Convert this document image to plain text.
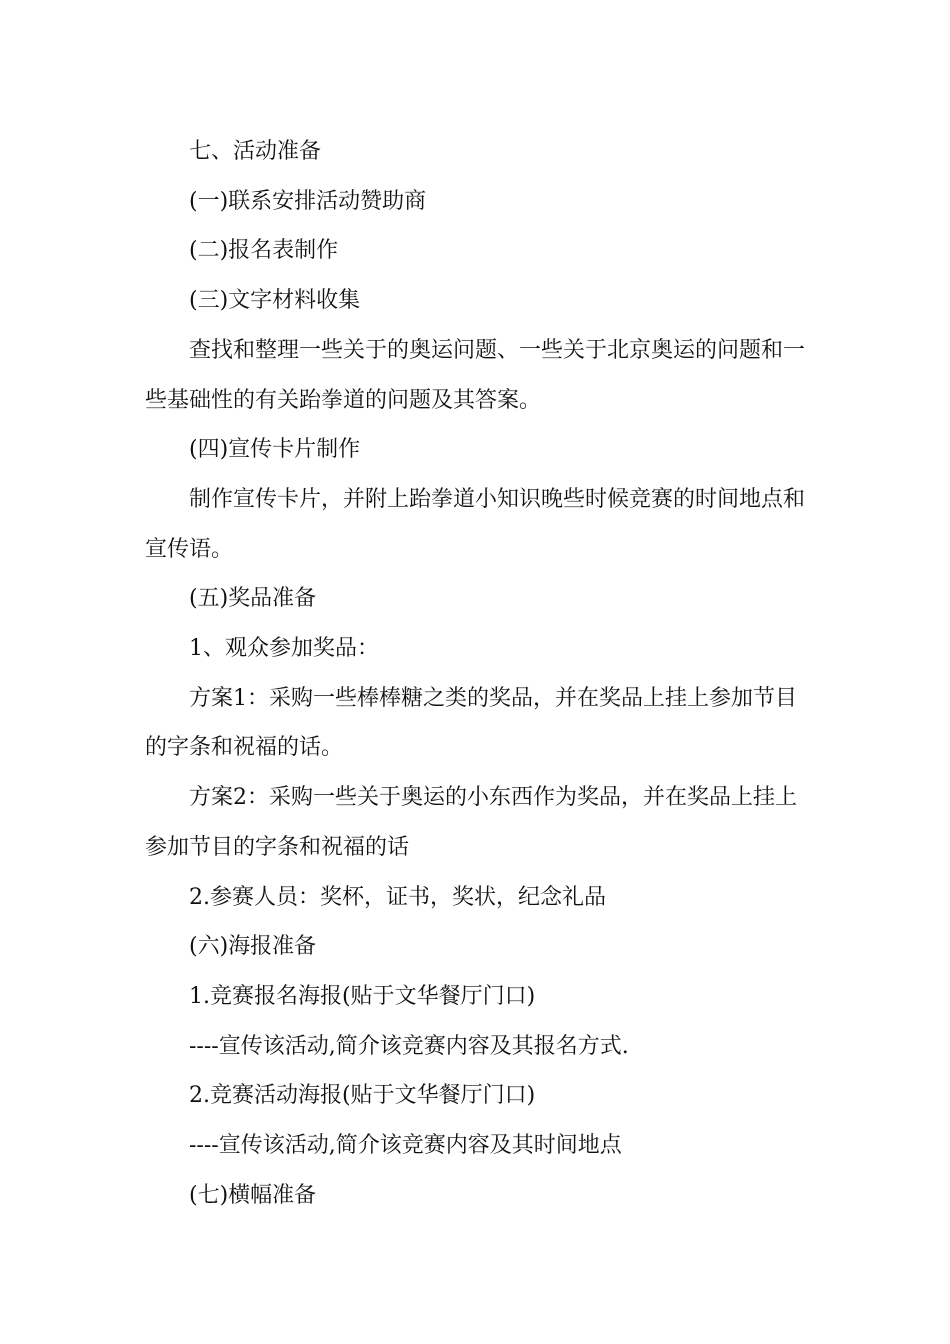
七、活动准备

(一)联系安排活动赞助商

(二)报名表制作

(三)文字材料收集

查找和整理一些关于的奥运问题、一些关于北京奥运的问题和一些基础性的有关跆拳道的问题及其答案。

(四)宣传卡片制作

制作宣传卡片，并附上跆拳道小知识晚些时候竞赛的时间地点和宣传语。

(五)奖品准备

1、观众参加奖品：

方案1：采购一些棒棒糖之类的奖品，并在奖品上挂上参加节目的字条和祝福的话。

方案2：采购一些关于奥运的小东西作为奖品，并在奖品上挂上参加节目的字条和祝福的话

2.参赛人员：奖杯，证书，奖状，纪念礼品

(六)海报准备

1.竞赛报名海报(贴于文华餐厅门口)

----宣传该活动,简介该竞赛内容及其报名方式.

2.竞赛活动海报(贴于文华餐厅门口)

----宣传该活动,简介该竞赛内容及其时间地点

(七)横幅准备
